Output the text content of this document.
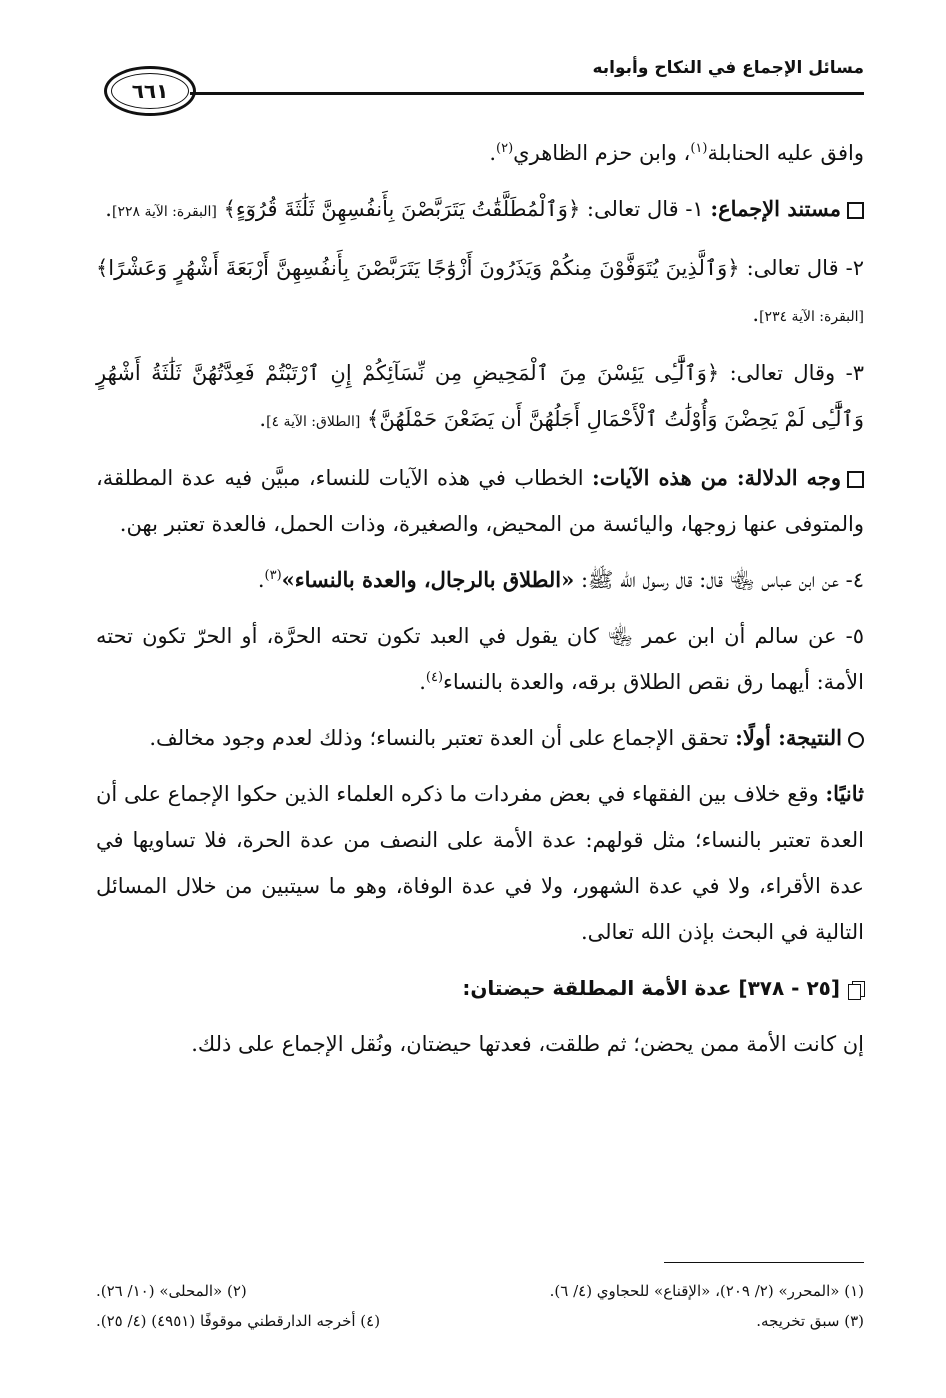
مسائل الإجماع في النكاح وأبوابه
٦٦١

وافق عليه الحنابلة$^{(١)}$، وابن حزم الظاهري$^{(٢)}$.

مستند الإجماع: ١- قال تعالى: ﴿وَٱلْمُطَلَّقَٰتُ يَتَرَبَّصْنَ بِأَنفُسِهِنَّ ثَلَٰثَةَ قُرُوٓءٍ﴾ [البقرة: الآية ٢٢٨].

٢- قال تعالى: ﴿وَٱلَّذِينَ يُتَوَفَّوْنَ مِنكُمْ وَيَذَرُونَ أَزْوَٰجًا يَتَرَبَّصْنَ بِأَنفُسِهِنَّ أَرْبَعَةَ أَشْهُرٍ وَعَشْرًا﴾ [البقرة: الآية ٢٣٤].

٣- وقال تعالى: ﴿وَٱلَّٰٓـِٔى يَئِسْنَ مِنَ ٱلْمَحِيضِ مِن نِّسَآئِكُمْ إِنِ ٱرْتَبْتُمْ فَعِدَّتُهُنَّ ثَلَٰثَةُ أَشْهُرٍ وَٱلَّٰٓـِٔى لَمْ يَحِضْنَ وَأُوْلَٰتُ ٱلْأَحْمَالِ أَجَلُهُنَّ أَن يَضَعْنَ حَمْلَهُنَّ﴾ [الطلاق: الآية ٤].

وجه الدلالة: من هذه الآيات: الخطاب في هذه الآيات للنساء، مبيَّن فيه عدة المطلقة، والمتوفى عنها زوجها، واليائسة من المحيض، والصغيرة، وذات الحمل، فالعدة تعتبر بهن.

٤- عن ابن عباس ﵄ قال: قال رسول الله ﷺ: «الطلاق بالرجال، والعدة بالنساء»$^{(٣)}$.

٥- عن سالم أن ابن عمر ﵄ كان يقول في العبد تكون تحته الحرَّة، أو الحرّ تكون تحته الأمة: أيهما رق نقص الطلاق برقه، والعدة بالنساء$^{(٤)}$.

النتيجة: أولًا: تحقق الإجماع على أن العدة تعتبر بالنساء؛ وذلك لعدم وجود مخالف.

ثانيًا: وقع خلاف بين الفقهاء في بعض مفردات ما ذكره العلماء الذين حكوا الإجماع على أن العدة تعتبر بالنساء؛ مثل قولهم: عدة الأمة على النصف من عدة الحرة، فلا تساويها في عدة الأقراء، ولا في عدة الشهور، ولا في عدة الوفاة، وهو ما سيتبين من خلال المسائل التالية في البحث بإذن الله تعالى.

[٢٥ - ٣٧٨] عدة الأمة المطلقة حيضتان:

إن كانت الأمة ممن يحضن؛ ثم طلقت، فعدتها حيضتان، ونُقل الإجماع على ذلك.

(١) «المحرر» (٢/ ٢٠٩)، «الإقناع» للحجاوي (٤/ ٦).
(٢) «المحلى» (١٠/ ٢٦).
(٣) سبق تخريجه.
(٤) أخرجه الدارقطني موقوفًا (٤٩٥١) (٤/ ٢٥).
